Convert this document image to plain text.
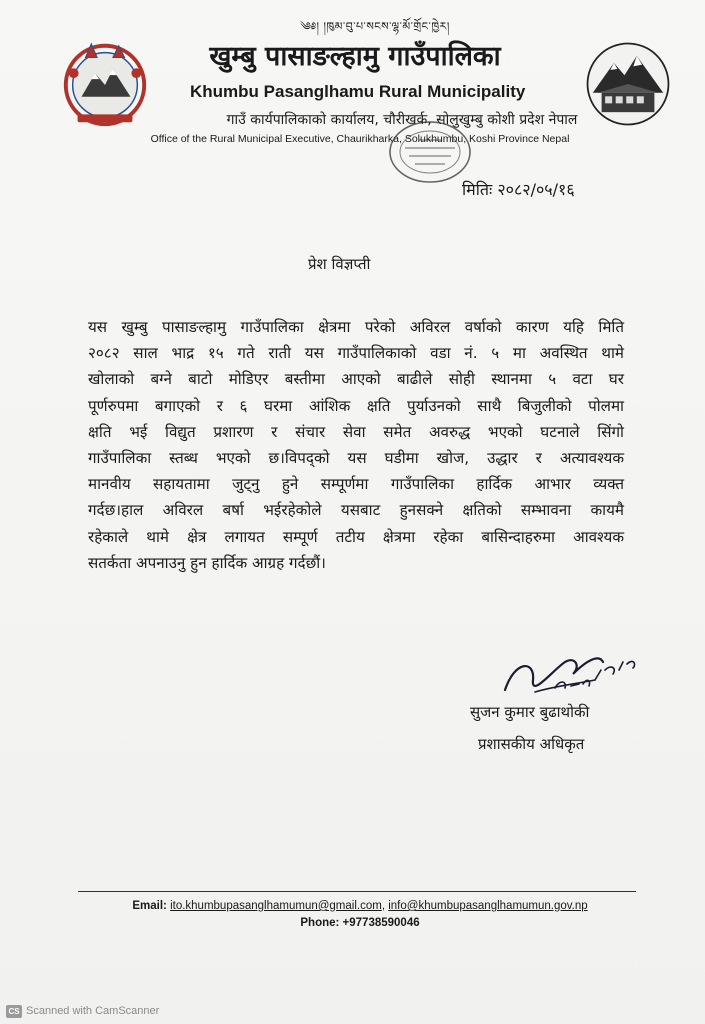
༄༅། །ཁུམ་བུ་པ་སངས་ལྷ་མོ་གྲོང་ཁྱེར།
खुम्बु पासाङल्हामु गाउँपालिका
Khumbu Pasanglhamu Rural Municipality
गाउँ कार्यपालिकाको कार्यालय, चौरीखर्क, सोलुखुम्बु कोशी प्रदेश नेपाल
Office of the Rural Municipal Executive, Chaurikharka, Solukhumbu, Koshi Province Nepal
मितिः २०८२/०५/१६
प्रेश विज्ञप्ती
यस खुम्बु पासाङल्हामु गाउँपालिका क्षेत्रमा परेको अविरल वर्षाको कारण यहि मिति
२०८२ साल भाद्र १५ गते राती यस गाउँपालिकाको वडा नं. ५ मा अवस्थित थामे
खोलाको बग्ने बाटो मोडिएर बस्तीमा आएको बाढीले सोही स्थानमा ५ वटा घर
पूर्णरुपमा बगाएको र ६ घरमा आंशिक क्षति पुर्याउनको साथै बिजुलीको पोलमा
क्षति भई विद्युत प्रशारण र संचार सेवा समेत अवरुद्ध भएको घटनाले सिंगो
गाउँपालिका स्तब्ध भएको छ।विपद्को यस घडीमा खोज, उद्धार र अत्यावश्यक
मानवीय सहायतामा जुट्नु हुने सम्पूर्णमा गाउँपालिका हार्दिक आभार व्यक्त
गर्दछ।हाल अविरल बर्षा भईरहेकोले यसबाट हुनसक्ने क्षतिको सम्भावना कायमै
रहेकाले थामे क्षेत्र लगायत सम्पूर्ण तटीय क्षेत्रमा रहेका बासिन्दाहरुमा आवश्यक
सतर्कता अपनाउनु हुन हार्दिक आग्रह गर्दछौं।
सुजन कुमार बुढाथोकी
प्रशासकीय अधिकृत
Email: ito.khumbupasanglhamumun@gmail.com, info@khumbupasanglhamumun.gov.np
Phone: +97738590046
CS Scanned with CamScanner
